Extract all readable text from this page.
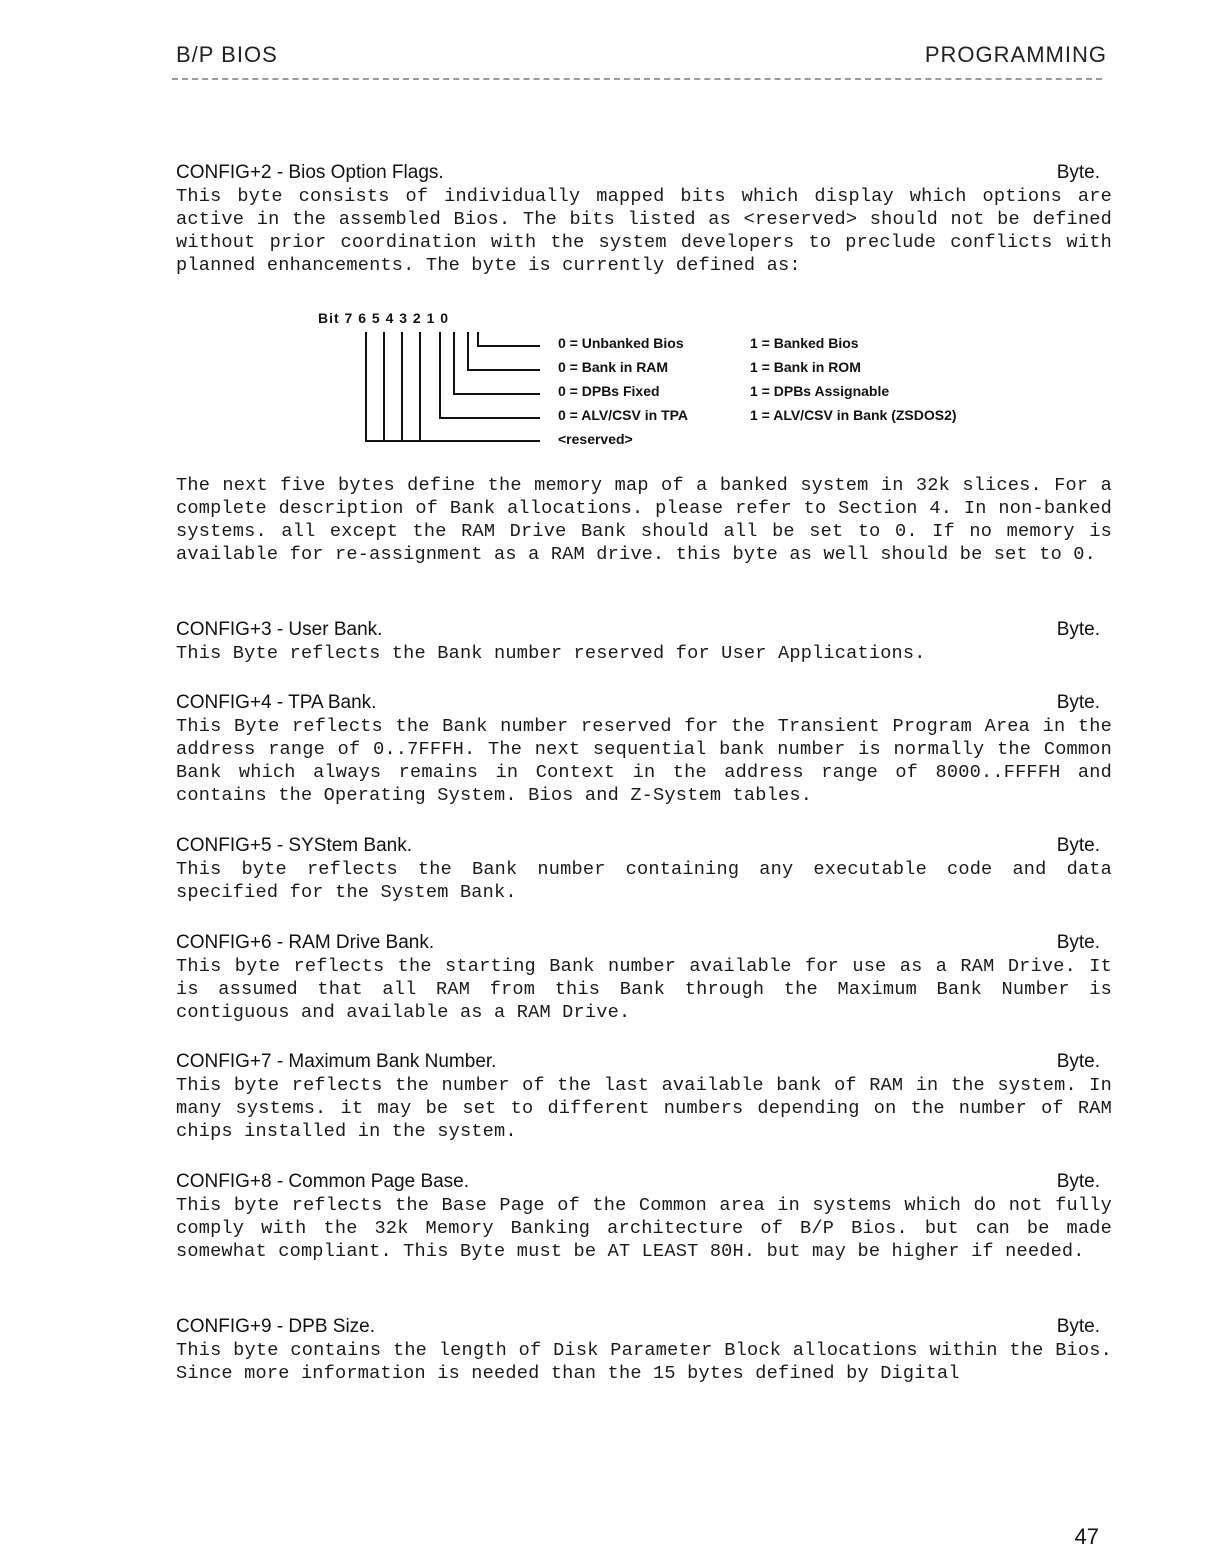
B/P BIOS	PROGRAMMING
CONFIG+2 - Bios Option Flags.	Byte.

This byte consists of individually mapped bits which display which options are active in the assembled Bios. The bits listed as <reserved> should not be defined without prior coordination with the system developers to preclude conflicts with planned enhancements. The byte is currently defined as:

Bit 7 6 5 4 3 2 1 0
0 = Unbanked Bios	1 = Banked Bios
0 = Bank in RAM	1 = Bank in ROM
0 = DPBs Fixed	1 = DPBs Assignable
0 = ALV/CSV in TPA	1 = ALV/CSV in Bank (ZSDOS2)
<reserved>

The next five bytes define the memory map of a banked system in 32k slices. For a complete description of Bank allocations. please refer to Section 4. In non-banked systems. all except the RAM Drive Bank should all be set to 0. If no memory is available for re-assignment as a RAM drive. this byte as well should be set to 0.

CONFIG+3 - User Bank.	Byte.

This Byte reflects the Bank number reserved for User Applications.

CONFIG+4 - TPA Bank.	Byte.

This Byte reflects the Bank number reserved for the Transient Program Area in the address range of 0..7FFFH. The next sequential bank number is normally the Common Bank which always remains in Context in the address range of 8000..FFFFH and contains the Operating System. Bios and Z-System tables.

CONFIG+5 - SYStem Bank.	Byte.

This byte reflects the Bank number containing any executable code and data specified for the System Bank.

CONFIG+6 - RAM Drive Bank.	Byte.

This byte reflects the starting Bank number available for use as a RAM Drive. It is assumed that all RAM from this Bank through the Maximum Bank Number is contiguous and available as a RAM Drive.

CONFIG+7 - Maximum Bank Number.	Byte.

This byte reflects the number of the last available bank of RAM in the system. In many systems. it may be set to different numbers depending on the number of RAM chips installed in the system.

CONFIG+8 - Common Page Base.	Byte.

This byte reflects the Base Page of the Common area in systems which do not fully comply with the 32k Memory Banking architecture of B/P Bios. but can be made somewhat compliant. This Byte must be AT LEAST 80H. but may be higher if needed.

CONFIG+9 - DPB Size.	Byte.

This byte contains the length of Disk Parameter Block allocations within the Bios. Since more information is needed than the 15 bytes defined by Digital

47
